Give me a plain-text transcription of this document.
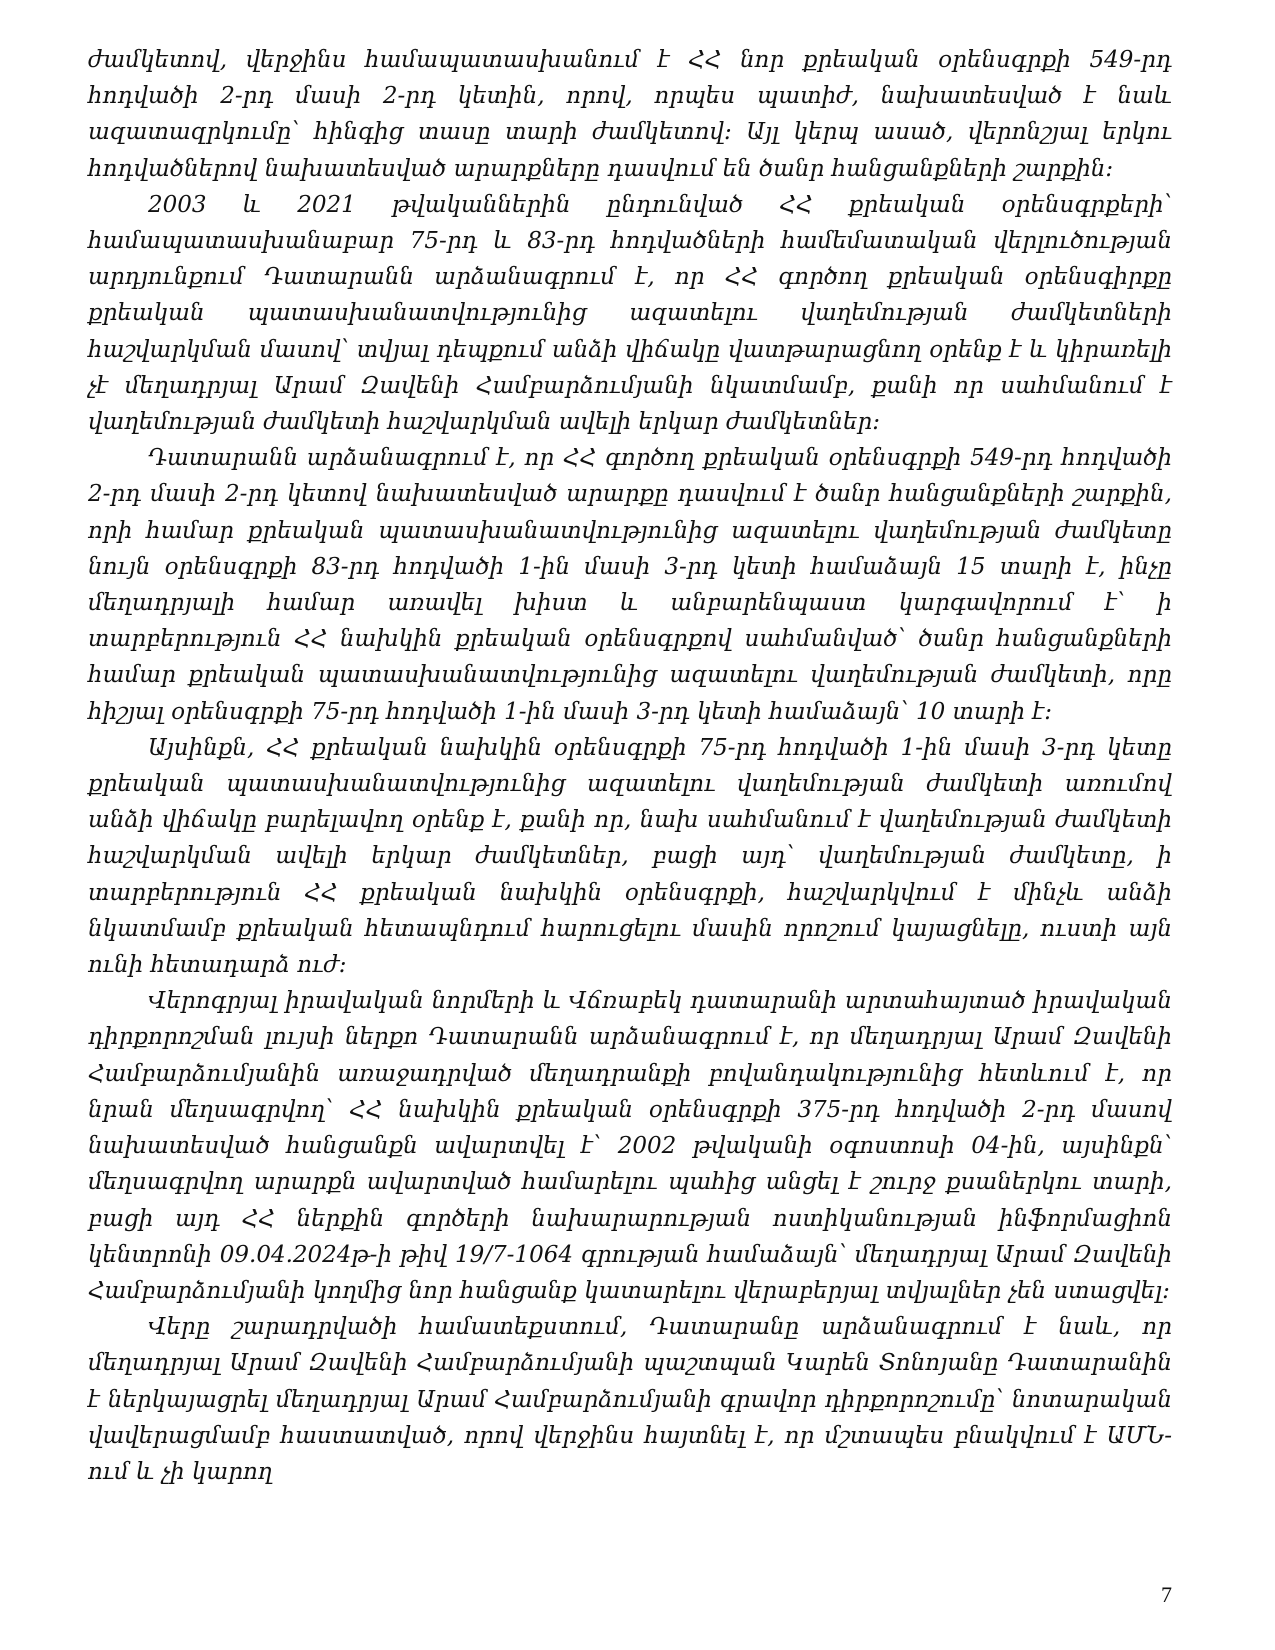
ժամկետով, վերջինս համապատասխանում է ՀՀ նոր քրեական օրենսգրքի 549-րդ հոդվածի 2-րդ մասի 2-րդ կետին, որով, որպես պատիժ, նախատեսված է նաև ազատազրկումը՝ հինգից տասը տարի ժամկետով: Այլ կերպ ասած, վերոնշյալ երկու հոդվածներով նախատեսված արարքները դասվում են ծանր հանցանքների շարքին:

2003 և 2021 թվականներին ընդունված ՀՀ քրեական օրենսգրքերի՝ համապատասխանաբար 75-րդ և 83-րդ հոդվածների համեմատական վերլուծության արդյունքում Դատարանն արձանագրում է, որ ՀՀ գործող քրեական օրենսգիրքը քրեական պատասխանատվությունից ազատելու վաղեմության ժամկետների հաշվարկման մասով՝ տվյալ դեպքում անձի վիճակը վատթարացնող օրենք է և կիրառելի չէ մեղադրյալ Արամ Զավենի Համբարձումյանի նկատմամբ, քանի որ սահմանում է վաղեմության ժամկետի հաշվարկման ավելի երկար ժամկետներ:

Դատարանն արձանագրում է, որ ՀՀ գործող քրեական օրենսգրքի 549-րդ հոդվածի 2-րդ մասի 2-րդ կետով նախատեսված արարքը դասվում է ծանր հանցանքների շարքին, որի համար քրեական պատասխանատվությունից ազատելու վաղեմության ժամկետը նույն օրենսգրքի 83-րդ հոդվածի 1-ին մասի 3-րդ կետի համաձայն 15 տարի է, ինչը մեղադրյալի համար առավել խիստ և անբարենպաստ կարգավորում է՝ ի տարբերություն ՀՀ նախկին քրեական օրենսգրքով սահմանված՝ ծանր հանցանքների համար քրեական պատասխանատվությունից ազատելու վաղեմության ժամկետի, որը հիշյալ օրենսգրքի 75-րդ հոդվածի 1-ին մասի 3-րդ կետի համաձայն՝ 10 տարի է:

Այսինքն, ՀՀ քրեական նախկին օրենսգրքի 75-րդ հոդվածի 1-ին մասի 3-րդ կետը քրեական պատասխանատվությունից ազատելու վաղեմության ժամկետի առումով անձի վիճակը բարելավող օրենք է, քանի որ, նախ սահմանում է վաղեմության ժամկետի հաշվարկման ավելի երկար ժամկետներ, բացի այդ՝ վաղեմության ժամկետը, ի տարբերություն ՀՀ քրեական նախկին օրենսգրքի, հաշվարկվում է մինչև անձի նկատմամբ քրեական հետապնդում հարուցելու մասին որոշում կայացնելը, ուստի այն ունի հետադարձ ուժ:

Վերոգրյալ իրավական նորմերի և Վճռաբեկ դատարանի արտահայտած իրավական դիրքորոշման լույսի ներքո Դատարանն արձանագրում է, որ մեղադրյալ Արամ Զավենի Համբարձումյանին առաջադրված մեղադրանքի բովանդակությունից հետևում է, որ նրան մեղսագրվող՝ ՀՀ նախկին քրեական օրենսգրքի 375-րդ հոդվածի 2-րդ մասով նախատեսված հանցանքն ավարտվել է՝ 2002 թվականի օգոստոսի 04-ին, այսինքն՝ մեղսագրվող արարքն ավարտված համարելու պահից անցել է շուրջ քսաներկու տարի, բացի այդ ՀՀ ներքին գործերի նախարարության ոստիկանության ինֆորմացիոն կենտրոնի 09.04.2024թ-ի թիվ 19/7-1064 գրության համաձայն՝ մեղադրյալ Արամ Զավենի Համբարձումյանի կողմից նոր հանցանք կատարելու վերաբերյալ տվյալներ չեն ստացվել:

Վերը շարադրվածի համատեքստում, Դատարանը արձանագրում է նաև, որ մեղադրյալ Արամ Զավենի Համբարձումյանի պաշտպան Կարեն Տոնոյանը Դատարանին է ներկայացրել մեղադրյալ Արամ Համբարձումյանի գրավոր դիրքորոշումը՝ նոտարական վավերացմամբ հաստատված, որով վերջինս հայտնել է, որ մշտապես բնակվում է ԱՄՆ-ում և չի կարող

7
